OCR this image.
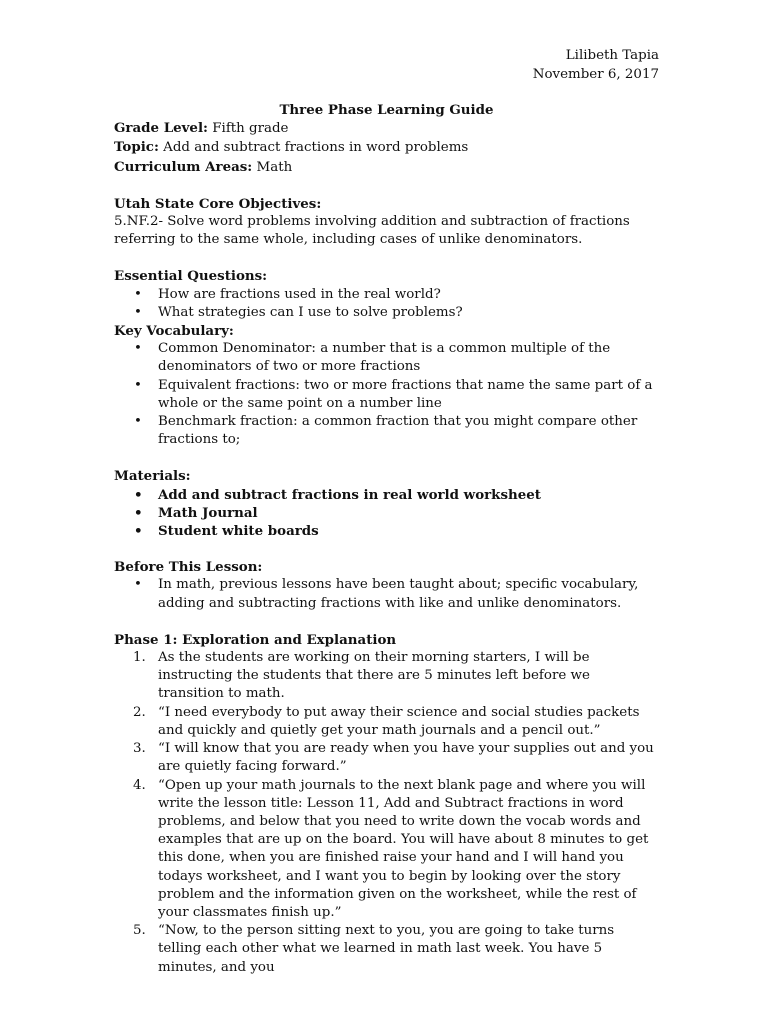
Lilibeth Tapia
November 6, 2017
Three Phase Learning Guide
Grade Level: Fifth grade
Topic: Add and subtract fractions in word problems
Curriculum Areas: Math
Utah State Core Objectives:
5.NF.2- Solve word problems involving addition and subtraction of fractions referring to the same whole, including cases of unlike denominators.
Essential Questions:
• How are fractions used in the real world?
• What strategies can I use to solve problems?
Key Vocabulary:
• Common Denominator: a number that is a common multiple of the denominators of two or more fractions
• Equivalent fractions: two or more fractions that name the same part of a whole or the same point on a number line
• Benchmark fraction: a common fraction that you might compare other fractions to;
Materials:
• Add and subtract fractions in real world worksheet
• Math Journal
• Student white boards
Before This Lesson:
• In math, previous lessons have been taught about; specific vocabulary, adding and subtracting fractions with like and unlike denominators.
Phase 1: Exploration and Explanation
1. As the students are working on their morning starters, I will be instructing the students that there are 5 minutes left before we transition to math.
2. “I need everybody to put away their science and social studies packets and quickly and quietly get your math journals and a pencil out.”
3. “I will know that you are ready when you have your supplies out and you are quietly facing forward.”
4. “Open up your math journals to the next blank page and where you will write the lesson title: Lesson 11, Add and Subtract fractions in word problems, and below that you need to write down the vocab words and examples that are up on the board. You will have about 8 minutes to get this done, when you are finished raise your hand and I will hand you todays worksheet, and I want you to begin by looking over the story problem and the information given on the worksheet, while the rest of your classmates finish up.”
5. “Now, to the person sitting next to you, you are going to take turns telling each other what we learned in math last week. You have 5 minutes, and you
